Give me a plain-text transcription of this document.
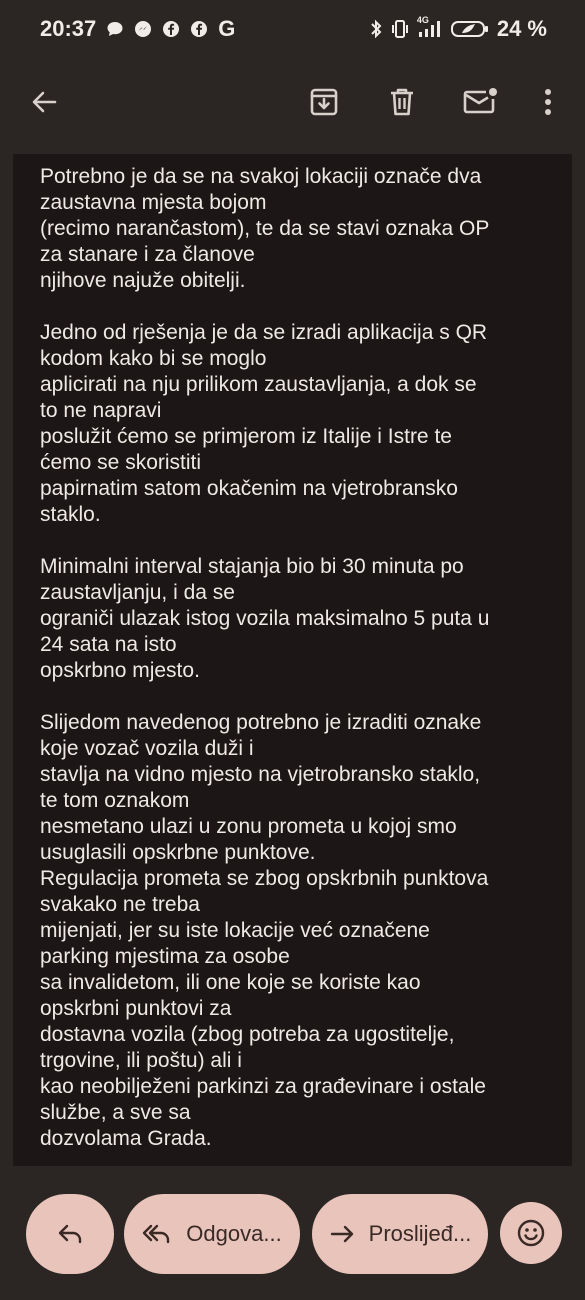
20:37	G	4G	24 %
Potrebno je da se na svakoj lokaciji označe dva
zaustavna mjesta bojom
(recimo narančastom), te da se stavi oznaka OP
za stanare i za članove
njihove najuže obitelji.

Jedno od rješenja je da se izradi aplikacija s QR
kodom kako bi se moglo
aplicirati na nju prilikom zaustavljanja, a dok se
to ne napravi
poslužit ćemo se primjerom iz Italije i Istre te
ćemo se skoristiti
papirnatim satom okačenim na vjetrobransko
staklo.

Minimalni interval stajanja bio bi 30 minuta po
zaustavljanju, i da se
ograniči ulazak istog vozila maksimalno 5 puta u
24 sata na isto
opskrbno mjesto.

Slijedom navedenog potrebno je izraditi oznake
koje vozač vozila duži i
stavlja na vidno mjesto na vjetrobransko staklo,
te tom oznakom
nesmetano ulazi u zonu prometa u kojoj smo
usuglasili opskrbne punktove.
Regulacija prometa se zbog opskrbnih punktova
svakako ne treba
mijenjati, jer su iste lokacije već označene
parking mjestima za osobe
sa invalidetom, ili one koje se koriste kao
opskrbni punktovi za
dostavna vozila (zbog potreba za ugostitelje,
trgovine, ili poštu) ali i
kao neobilježeni parkinzi za građevinare i ostale
službe, a sve sa
dozvolama Grada.
Odgova...	Proslijeđ...
